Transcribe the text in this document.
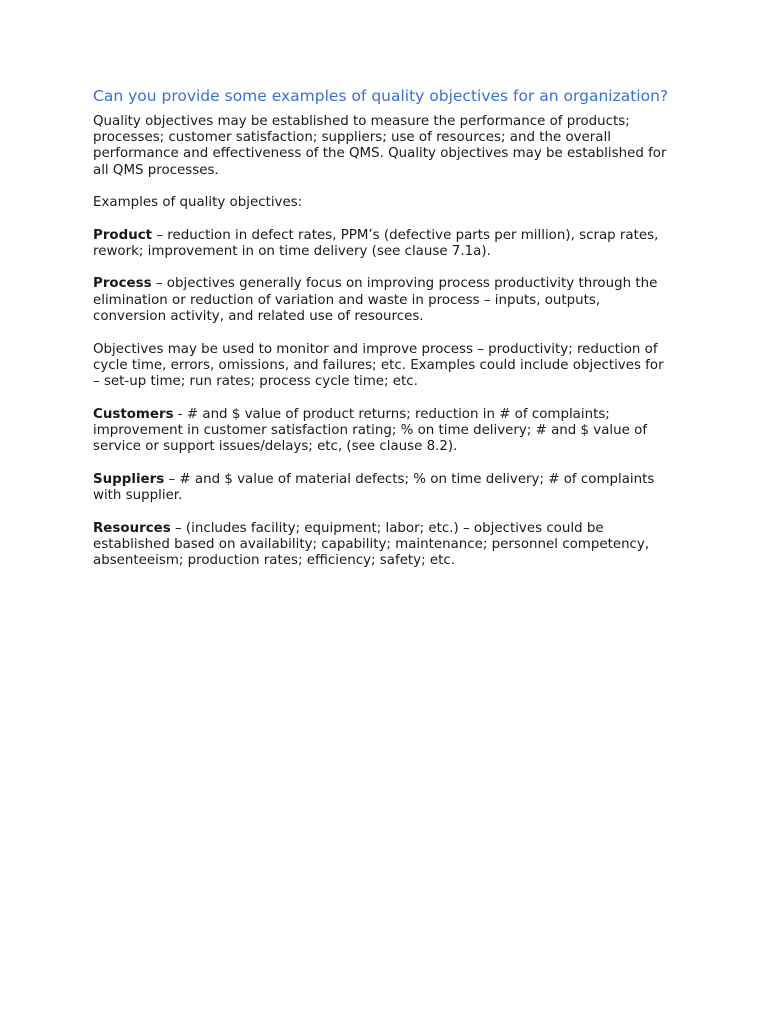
Can you provide some examples of quality objectives for an organization?

Quality objectives may be established to measure the performance of products; processes; customer satisfaction; suppliers; use of resources; and the overall performance and effectiveness of the QMS. Quality objectives may be established for all QMS processes.

Examples of quality objectives:

Product – reduction in defect rates, PPM’s (defective parts per million), scrap rates, rework; improvement in on time delivery (see clause 7.1a).

Process – objectives generally focus on improving process productivity through the elimination or reduction of variation and waste in process – inputs, outputs, conversion activity, and related use of resources.

Objectives may be used to monitor and improve process – productivity; reduction of cycle time, errors, omissions, and failures; etc. Examples could include objectives for – set-up time; run rates; process cycle time; etc.

Customers - # and $ value of product returns; reduction in # of complaints; improvement in customer satisfaction rating; % on time delivery; # and $ value of service or support issues/delays; etc, (see clause 8.2).

Suppliers – # and $ value of material defects; % on time delivery; # of complaints with supplier.

Resources – (includes facility; equipment; labor; etc.) – objectives could be established based on availability; capability; maintenance; personnel competency, absenteeism; production rates; efficiency; safety; etc.
